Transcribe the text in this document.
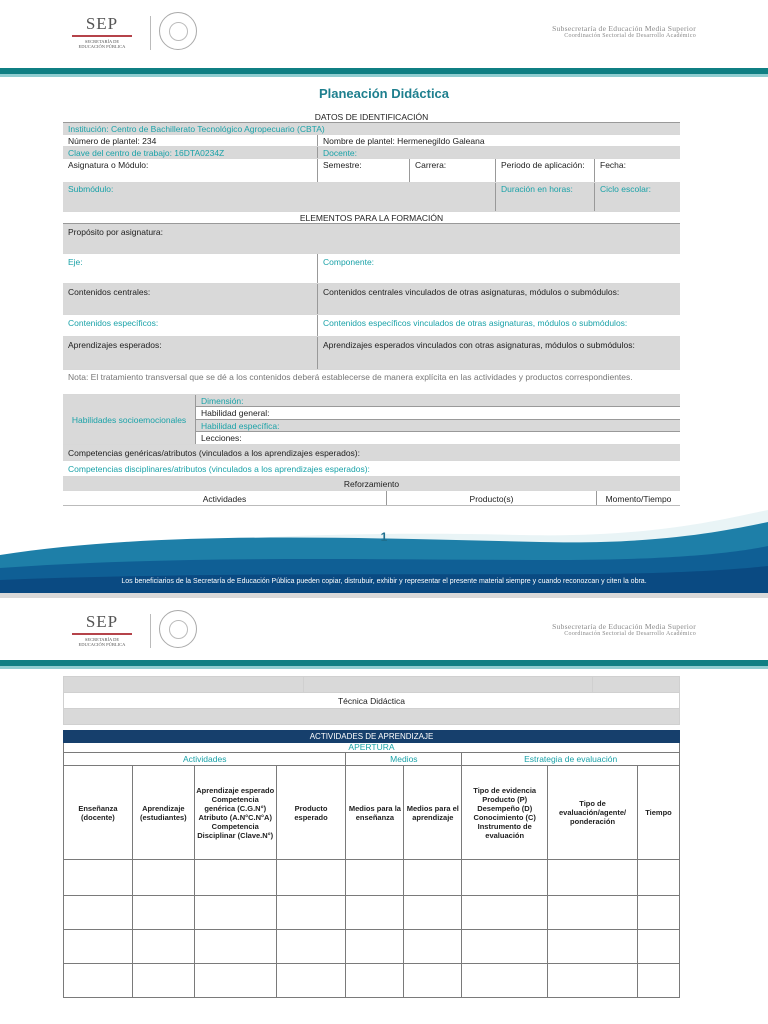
SEP
SECRETARÍA DE
EDUCACIÓN PÚBLICA
Subsecretaría de Educación Media Superior
Coordinación Sectorial de Desarrollo Académico
Planeación Didáctica
DATOS DE IDENTIFICACIÓN
Institución: Centro de Bachillerato Tecnológico Agropecuario (CBTA)
Número de plantel: 234	Nombre de plantel: Hermenegildo Galeana
Clave del centro de trabajo: 16DTA0234Z	Docente:
Asignatura o Módulo:	Semestre:	Carrera:	Periodo de aplicación:	Fecha:
Submódulo:	Duración en horas:	Ciclo escolar:
ELEMENTOS PARA LA FORMACIÓN
Propósito por asignatura:
Eje:	Componente:
Contenidos centrales:	Contenidos centrales vinculados de otras asignaturas, módulos o submódulos:
Contenidos específicos:	Contenidos específicos vinculados de otras asignaturas, módulos o submódulos:
Aprendizajes esperados:	Aprendizajes esperados vinculados con otras asignaturas, módulos o submódulos:
Nota: El tratamiento transversal que se dé a los contenidos deberá establecerse de manera explícita en las actividades y productos correspondientes.
Habilidades socioemocionales
Dimensión:
Habilidad general:
Habilidad específica:
Lecciones:
Competencias genéricas/atributos (vinculados a los aprendizajes esperados):
Competencias disciplinares/atributos (vinculados a los aprendizajes esperados):
Reforzamiento
Actividades	Producto(s)	Momento/Tiempo
1
Los beneficiarios de la Secretaría de Educación Pública pueden copiar, distrubuir, exhibir y representar el presente material siempre y cuando reconozcan y citen la obra.
SEP
SECRETARÍA DE
EDUCACIÓN PÚBLICA
Subsecretaría de Educación Media Superior
Coordinación Sectorial de Desarrollo Académico

Técnica Didáctica

ACTIVIDADES DE APRENDIZAJE								
APERTURA								
Actividades				Medios		Estrategia de evaluación		
Enseñanza (docente)	Aprendizaje (estudiantes)	Aprendizaje esperado Competencia genérica (C.G.N°) Atributo (A.N°C.N°A) Competencia Disciplinar (Clave.N°)	Producto esperado	Medios para la enseñanza	Medios para el aprendizaje	Tipo de evidencia Producto (P) Desempeño (D) Conocimiento (C) Instrumento de evaluación	Tipo de evaluación/agente/ ponderación	Tiempo
